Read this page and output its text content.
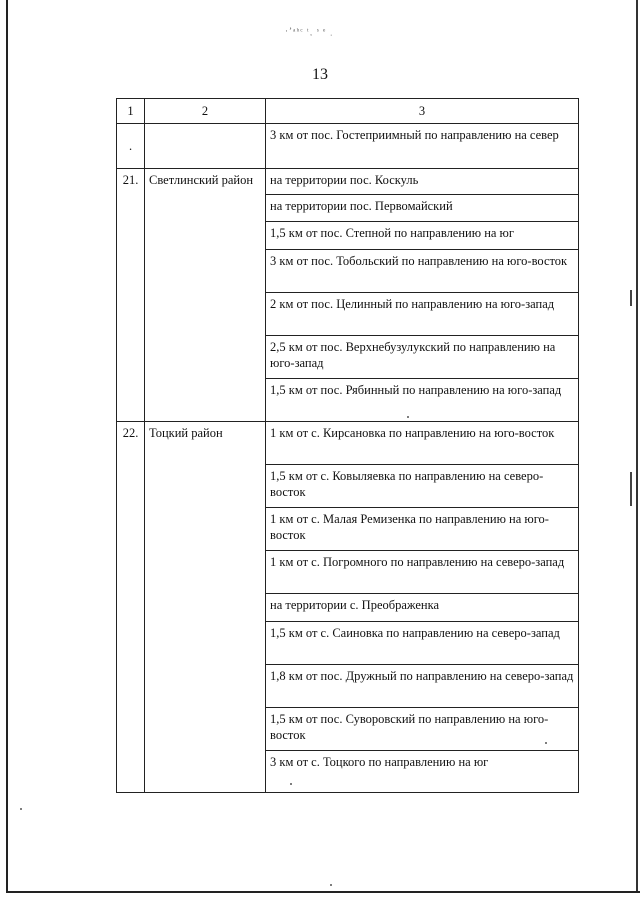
·ʼᵃʰᶜ ᵗ˯ ˢ ᵉ ˌ
13
1	2	3
.		3 км от пос. Гостеприимный по направлению на север
21.	Светлинский район	на территории пос. Коскуль
		на территории пос. Первомайский
		1,5 км от пос. Степной по направлению на юг
		3 км от пос. Тобольский по направлению на юго-восток
		2 км от пос. Целинный по направлению на юго-запад
		2,5 км от пос. Верхнебузулукский по направлению на юго-запад
		1,5 км от пос. Рябинный по направлению на юго-запад
22.	Тоцкий район	1 км от с. Кирсановка по направлению на юго-восток
		1,5 км от с. Ковыляевка по направлению на северо-восток
		1 км от с. Малая Ремизенка по направлению на юго-восток
		1 км от с. Погромного по направлению на северо-запад
		на территории с. Преображенка
		1,5 км от с. Саиновка по направлению на северо-запад
		1,8 км от пос. Дружный по направлению на северо-запад
		1,5 км от пос. Суворовский по направлению на юго-восток
		3 км от с. Тоцкого по направлению на юг
